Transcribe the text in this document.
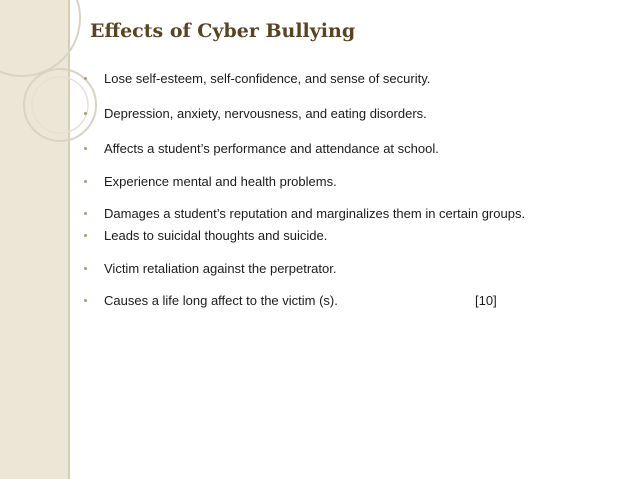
Effects of Cyber Bullying
Lose self-esteem, self-confidence, and sense of security.
Depression, anxiety, nervousness, and eating disorders.
Affects a student’s performance and attendance at school.
Experience mental and health problems.
Damages a student’s reputation and marginalizes them in certain groups.
Leads to suicidal thoughts and suicide.
Victim retaliation against the perpetrator.
Causes a life long affect to the victim (s).	[10]
